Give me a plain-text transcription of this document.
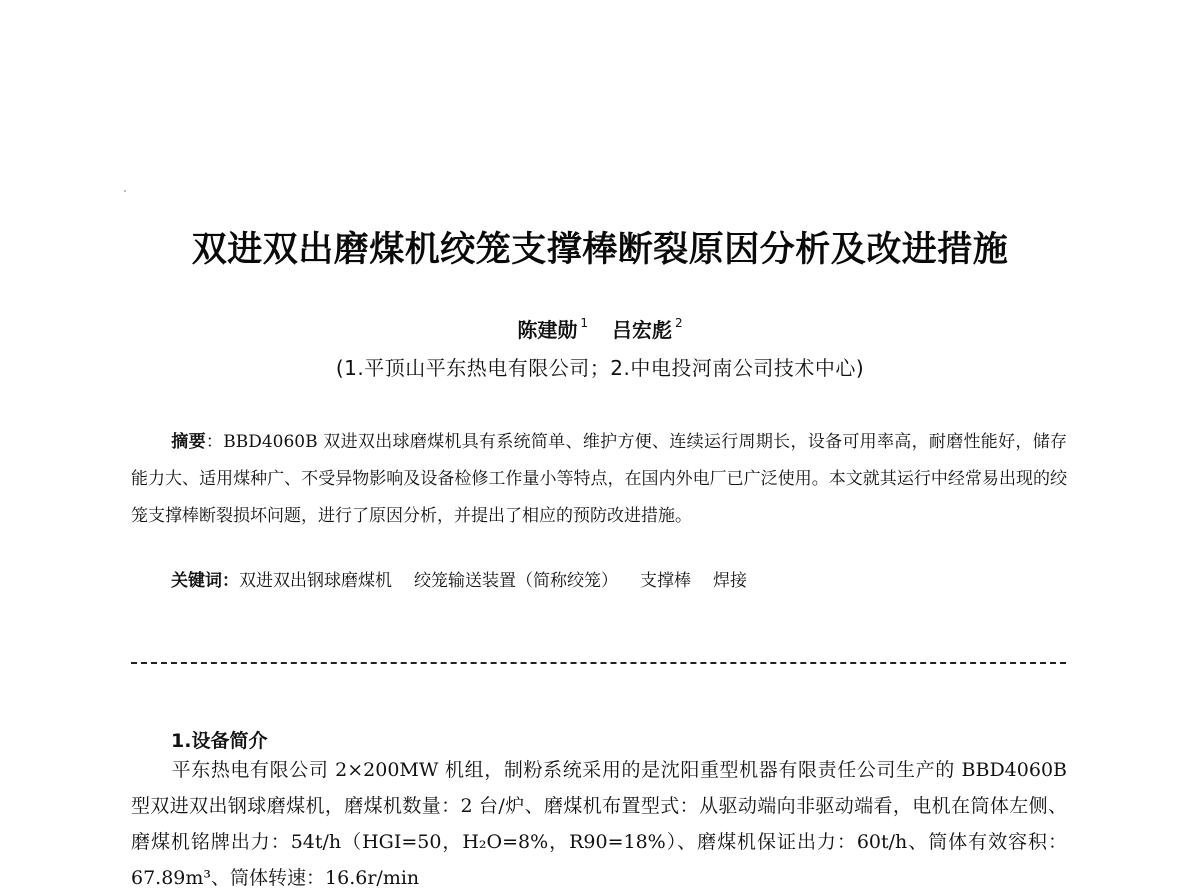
双进双出磨煤机绞笼支撑棒断裂原因分析及改进措施
陈建勋 $^1$ 吕宏彪 $^2$
(1.平顶山平东热电有限公司；2.中电投河南公司技术中心)
摘要：BBD4060B 双进双出球磨煤机具有系统简单、维护方便、连续运行周期长，设备可用率高，耐磨性能好，储存能力大、适用煤种广、不受异物影响及设备检修工作量小等特点，在国内外电厂已广泛使用。本文就其运行中经常易出现的绞笼支撑棒断裂损坏问题，进行了原因分析，并提出了相应的预防改进措施。
关键词：双进双出钢球磨煤机 绞笼输送装置（简称绞笼） 支撑棒 焊接
1.设备简介
平东热电有限公司 2×200MW 机组，制粉系统采用的是沈阳重型机器有限责任公司生产的 BBD4060B 型双进双出钢球磨煤机，磨煤机数量：2 台/炉、磨煤机布置型式：从驱动端向非驱动端看，电机在筒体左侧、磨煤机铭牌出力：54t/h（HGI=50，H₂O=8%，R90=18%）、磨煤机保证出力：60t/h、筒体有效容积：67.89m³、筒体转速：16.6r/min
